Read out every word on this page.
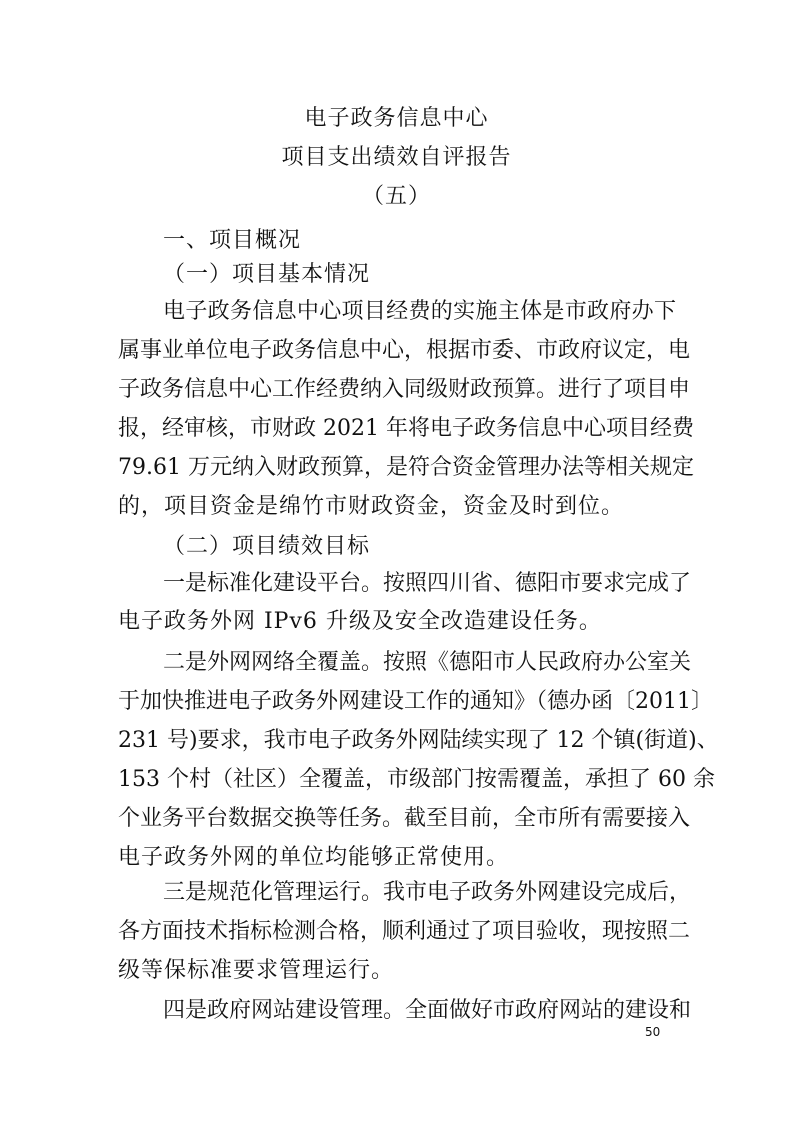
电子政务信息中心
项目支出绩效自评报告
（五）
一、项目概况
（一）项目基本情况
电子政务信息中心项目经费的实施主体是市政府办下
属事业单位电子政务信息中心，根据市委、市政府议定，电
子政务信息中心工作经费纳入同级财政预算。进行了项目申
报，经审核，市财政 2021 年将电子政务信息中心项目经费
79.61 万元纳入财政预算，是符合资金管理办法等相关规定
的，项目资金是绵竹市财政资金，资金及时到位。
（二）项目绩效目标
一是标准化建设平台。按照四川省、德阳市要求完成了
电子政务外网 IPv6 升级及安全改造建设任务。
二是外网网络全覆盖。按照《德阳市人民政府办公室关
于加快推进电子政务外网建设工作的通知》（德办函〔2011〕
231 号)要求，我市电子政务外网陆续实现了 12 个镇(街道)、
153 个村（社区）全覆盖，市级部门按需覆盖，承担了 60 余
个业务平台数据交换等任务。截至目前，全市所有需要接入
电子政务外网的单位均能够正常使用。
三是规范化管理运行。我市电子政务外网建设完成后，
各方面技术指标检测合格，顺利通过了项目验收，现按照二
级等保标准要求管理运行。
四是政府网站建设管理。全面做好市政府网站的建设和
50
